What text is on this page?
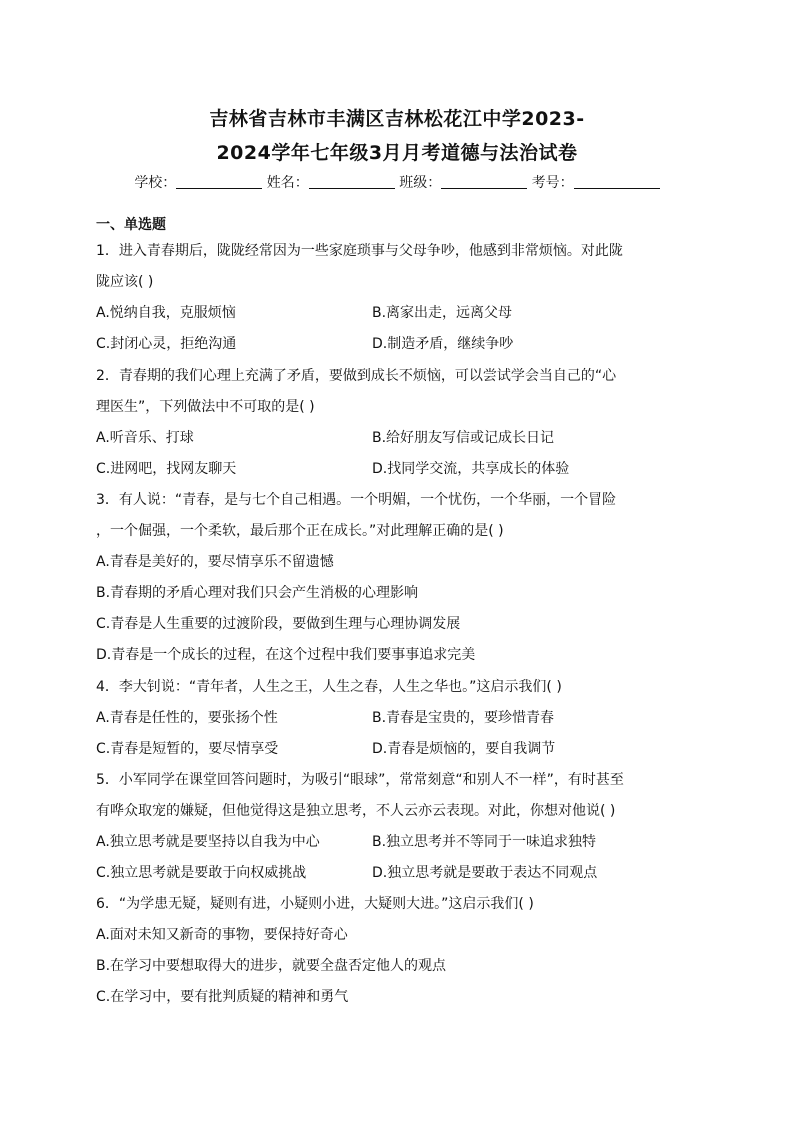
吉林省吉林市丰满区吉林松花江中学2023-
2024学年七年级3月月考道德与法治试卷
学校：	姓名：	班级：	考号：
一、单选题
1．进入青春期后，陇陇经常因为一些家庭琐事与父母争吵，他感到非常烦恼。对此陇
陇应该( )
A.悦纳自我，克服烦恼	B.离家出走，远离父母
C.封闭心灵，拒绝沟通	D.制造矛盾，继续争吵
2．青春期的我们心理上充满了矛盾，要做到成长不烦恼，可以尝试学会当自己的“心
理医生”，下列做法中不可取的是( )
A.听音乐、打球	B.给好朋友写信或记成长日记
C.进网吧，找网友聊天	D.找同学交流，共享成长的体验
3．有人说：“青春，是与七个自己相遇。一个明媚，一个忧伤，一个华丽，一个冒险
，一个倔强，一个柔软，最后那个正在成长。”对此理解正确的是( )
A.青春是美好的，要尽情享乐不留遗憾
B.青春期的矛盾心理对我们只会产生消极的心理影响
C.青春是人生重要的过渡阶段，要做到生理与心理协调发展
D.青春是一个成长的过程，在这个过程中我们要事事追求完美
4．李大钊说：“青年者，人生之王，人生之春，人生之华也。”这启示我们( )
A.青春是任性的，要张扬个性	B.青春是宝贵的，要珍惜青春
C.青春是短暂的，要尽情享受	D.青春是烦恼的，要自我调节
5．小军同学在课堂回答问题时，为吸引“眼球”，常常刻意“和别人不一样”，有时甚至
有哗众取宠的嫌疑，但他觉得这是独立思考，不人云亦云表现。对此，你想对他说( )
A.独立思考就是要坚持以自我为中心	B.独立思考并不等同于一味追求独特
C.独立思考就是要敢于向权威挑战	D.独立思考就是要敢于表达不同观点
6．“为学患无疑，疑则有进，小疑则小进，大疑则大进。”这启示我们( )
A.面对未知又新奇的事物，要保持好奇心
B.在学习中要想取得大的进步，就要全盘否定他人的观点
C.在学习中，要有批判质疑的精神和勇气
